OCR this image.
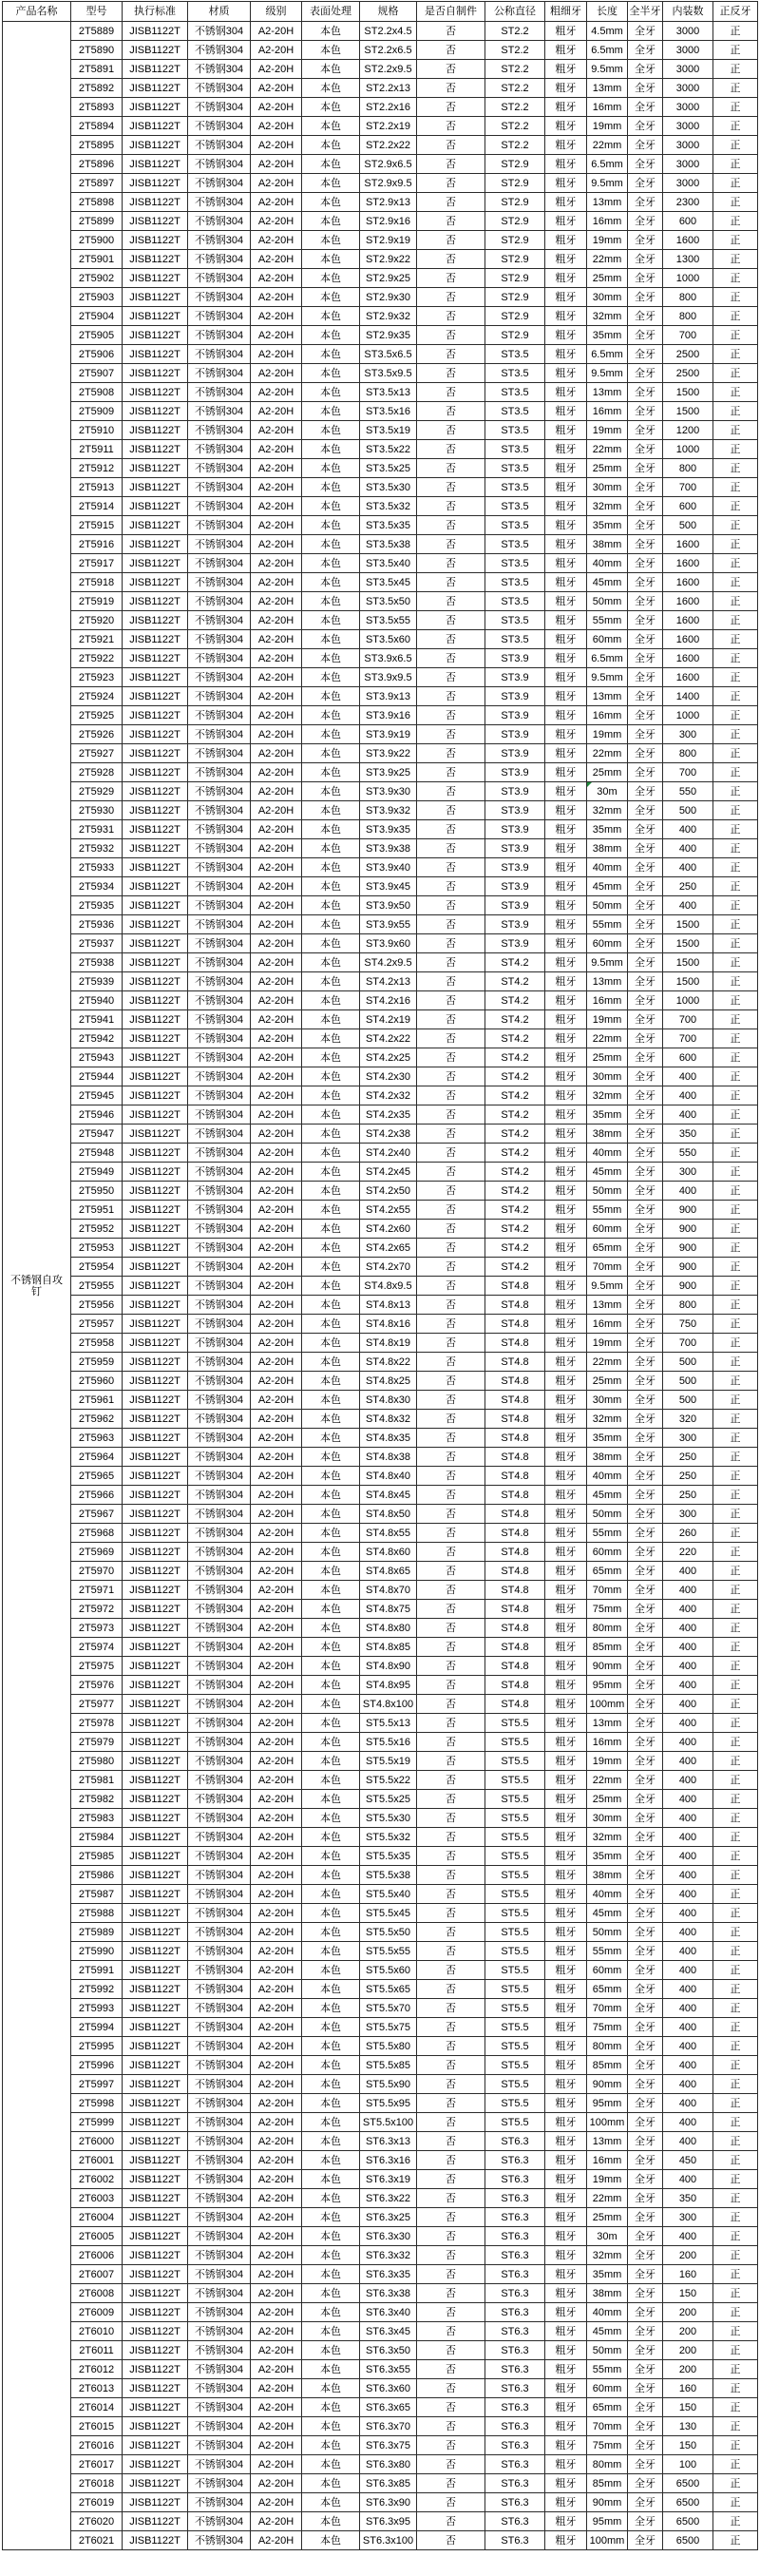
产品名称	型号	执行标准	材质	级别	表面处理	规格	是否自制件	公称直径	粗细牙	长度	全半牙	内装数	正反牙
不锈钢自攻钉
2T5889	JISB1122T	不锈钢304	A2-20H	本色	ST2.2x4.5	否	ST2.2	粗牙	4.5mm	全牙	3000	正
2T5890	JISB1122T	不锈钢304	A2-20H	本色	ST2.2x6.5	否	ST2.2	粗牙	6.5mm	全牙	3000	正
2T5891	JISB1122T	不锈钢304	A2-20H	本色	ST2.2x9.5	否	ST2.2	粗牙	9.5mm	全牙	3000	正
2T5892	JISB1122T	不锈钢304	A2-20H	本色	ST2.2x13	否	ST2.2	粗牙	13mm	全牙	3000	正
2T5893	JISB1122T	不锈钢304	A2-20H	本色	ST2.2x16	否	ST2.2	粗牙	16mm	全牙	3000	正
2T5894	JISB1122T	不锈钢304	A2-20H	本色	ST2.2x19	否	ST2.2	粗牙	19mm	全牙	3000	正
2T5895	JISB1122T	不锈钢304	A2-20H	本色	ST2.2x22	否	ST2.2	粗牙	22mm	全牙	3000	正
2T5896	JISB1122T	不锈钢304	A2-20H	本色	ST2.9x6.5	否	ST2.9	粗牙	6.5mm	全牙	3000	正
2T5897	JISB1122T	不锈钢304	A2-20H	本色	ST2.9x9.5	否	ST2.9	粗牙	9.5mm	全牙	3000	正
2T5898	JISB1122T	不锈钢304	A2-20H	本色	ST2.9x13	否	ST2.9	粗牙	13mm	全牙	2300	正
2T5899	JISB1122T	不锈钢304	A2-20H	本色	ST2.9x16	否	ST2.9	粗牙	16mm	全牙	600	正
2T5900	JISB1122T	不锈钢304	A2-20H	本色	ST2.9x19	否	ST2.9	粗牙	19mm	全牙	1600	正
2T5901	JISB1122T	不锈钢304	A2-20H	本色	ST2.9x22	否	ST2.9	粗牙	22mm	全牙	1300	正
2T5902	JISB1122T	不锈钢304	A2-20H	本色	ST2.9x25	否	ST2.9	粗牙	25mm	全牙	1000	正
2T5903	JISB1122T	不锈钢304	A2-20H	本色	ST2.9x30	否	ST2.9	粗牙	30mm	全牙	800	正
2T5904	JISB1122T	不锈钢304	A2-20H	本色	ST2.9x32	否	ST2.9	粗牙	32mm	全牙	800	正
2T5905	JISB1122T	不锈钢304	A2-20H	本色	ST2.9x35	否	ST2.9	粗牙	35mm	全牙	700	正
2T5906	JISB1122T	不锈钢304	A2-20H	本色	ST3.5x6.5	否	ST3.5	粗牙	6.5mm	全牙	2500	正
2T5907	JISB1122T	不锈钢304	A2-20H	本色	ST3.5x9.5	否	ST3.5	粗牙	9.5mm	全牙	2500	正
2T5908	JISB1122T	不锈钢304	A2-20H	本色	ST3.5x13	否	ST3.5	粗牙	13mm	全牙	1500	正
2T5909	JISB1122T	不锈钢304	A2-20H	本色	ST3.5x16	否	ST3.5	粗牙	16mm	全牙	1500	正
2T5910	JISB1122T	不锈钢304	A2-20H	本色	ST3.5x19	否	ST3.5	粗牙	19mm	全牙	1200	正
2T5911	JISB1122T	不锈钢304	A2-20H	本色	ST3.5x22	否	ST3.5	粗牙	22mm	全牙	1000	正
2T5912	JISB1122T	不锈钢304	A2-20H	本色	ST3.5x25	否	ST3.5	粗牙	25mm	全牙	800	正
2T5913	JISB1122T	不锈钢304	A2-20H	本色	ST3.5x30	否	ST3.5	粗牙	30mm	全牙	700	正
2T5914	JISB1122T	不锈钢304	A2-20H	本色	ST3.5x32	否	ST3.5	粗牙	32mm	全牙	600	正
2T5915	JISB1122T	不锈钢304	A2-20H	本色	ST3.5x35	否	ST3.5	粗牙	35mm	全牙	500	正
2T5916	JISB1122T	不锈钢304	A2-20H	本色	ST3.5x38	否	ST3.5	粗牙	38mm	全牙	1600	正
2T5917	JISB1122T	不锈钢304	A2-20H	本色	ST3.5x40	否	ST3.5	粗牙	40mm	全牙	1600	正
2T5918	JISB1122T	不锈钢304	A2-20H	本色	ST3.5x45	否	ST3.5	粗牙	45mm	全牙	1600	正
2T5919	JISB1122T	不锈钢304	A2-20H	本色	ST3.5x50	否	ST3.5	粗牙	50mm	全牙	1600	正
2T5920	JISB1122T	不锈钢304	A2-20H	本色	ST3.5x55	否	ST3.5	粗牙	55mm	全牙	1600	正
2T5921	JISB1122T	不锈钢304	A2-20H	本色	ST3.5x60	否	ST3.5	粗牙	60mm	全牙	1600	正
2T5922	JISB1122T	不锈钢304	A2-20H	本色	ST3.9x6.5	否	ST3.9	粗牙	6.5mm	全牙	1600	正
2T5923	JISB1122T	不锈钢304	A2-20H	本色	ST3.9x9.5	否	ST3.9	粗牙	9.5mm	全牙	1600	正
2T5924	JISB1122T	不锈钢304	A2-20H	本色	ST3.9x13	否	ST3.9	粗牙	13mm	全牙	1400	正
2T5925	JISB1122T	不锈钢304	A2-20H	本色	ST3.9x16	否	ST3.9	粗牙	16mm	全牙	1000	正
2T5926	JISB1122T	不锈钢304	A2-20H	本色	ST3.9x19	否	ST3.9	粗牙	19mm	全牙	300	正
2T5927	JISB1122T	不锈钢304	A2-20H	本色	ST3.9x22	否	ST3.9	粗牙	22mm	全牙	800	正
2T5928	JISB1122T	不锈钢304	A2-20H	本色	ST3.9x25	否	ST3.9	粗牙	25mm	全牙	700	正
2T5929	JISB1122T	不锈钢304	A2-20H	本色	ST3.9x30	否	ST3.9	粗牙	30m	全牙	550	正
2T5930	JISB1122T	不锈钢304	A2-20H	本色	ST3.9x32	否	ST3.9	粗牙	32mm	全牙	500	正
2T5931	JISB1122T	不锈钢304	A2-20H	本色	ST3.9x35	否	ST3.9	粗牙	35mm	全牙	400	正
2T5932	JISB1122T	不锈钢304	A2-20H	本色	ST3.9x38	否	ST3.9	粗牙	38mm	全牙	400	正
2T5933	JISB1122T	不锈钢304	A2-20H	本色	ST3.9x40	否	ST3.9	粗牙	40mm	全牙	400	正
2T5934	JISB1122T	不锈钢304	A2-20H	本色	ST3.9x45	否	ST3.9	粗牙	45mm	全牙	250	正
2T5935	JISB1122T	不锈钢304	A2-20H	本色	ST3.9x50	否	ST3.9	粗牙	50mm	全牙	400	正
2T5936	JISB1122T	不锈钢304	A2-20H	本色	ST3.9x55	否	ST3.9	粗牙	55mm	全牙	1500	正
2T5937	JISB1122T	不锈钢304	A2-20H	本色	ST3.9x60	否	ST3.9	粗牙	60mm	全牙	1500	正
2T5938	JISB1122T	不锈钢304	A2-20H	本色	ST4.2x9.5	否	ST4.2	粗牙	9.5mm	全牙	1500	正
2T5939	JISB1122T	不锈钢304	A2-20H	本色	ST4.2x13	否	ST4.2	粗牙	13mm	全牙	1500	正
2T5940	JISB1122T	不锈钢304	A2-20H	本色	ST4.2x16	否	ST4.2	粗牙	16mm	全牙	1000	正
2T5941	JISB1122T	不锈钢304	A2-20H	本色	ST4.2x19	否	ST4.2	粗牙	19mm	全牙	700	正
2T5942	JISB1122T	不锈钢304	A2-20H	本色	ST4.2x22	否	ST4.2	粗牙	22mm	全牙	700	正
2T5943	JISB1122T	不锈钢304	A2-20H	本色	ST4.2x25	否	ST4.2	粗牙	25mm	全牙	600	正
2T5944	JISB1122T	不锈钢304	A2-20H	本色	ST4.2x30	否	ST4.2	粗牙	30mm	全牙	400	正
2T5945	JISB1122T	不锈钢304	A2-20H	本色	ST4.2x32	否	ST4.2	粗牙	32mm	全牙	400	正
2T5946	JISB1122T	不锈钢304	A2-20H	本色	ST4.2x35	否	ST4.2	粗牙	35mm	全牙	400	正
2T5947	JISB1122T	不锈钢304	A2-20H	本色	ST4.2x38	否	ST4.2	粗牙	38mm	全牙	350	正
2T5948	JISB1122T	不锈钢304	A2-20H	本色	ST4.2x40	否	ST4.2	粗牙	40mm	全牙	550	正
2T5949	JISB1122T	不锈钢304	A2-20H	本色	ST4.2x45	否	ST4.2	粗牙	45mm	全牙	300	正
2T5950	JISB1122T	不锈钢304	A2-20H	本色	ST4.2x50	否	ST4.2	粗牙	50mm	全牙	400	正
2T5951	JISB1122T	不锈钢304	A2-20H	本色	ST4.2x55	否	ST4.2	粗牙	55mm	全牙	900	正
2T5952	JISB1122T	不锈钢304	A2-20H	本色	ST4.2x60	否	ST4.2	粗牙	60mm	全牙	900	正
2T5953	JISB1122T	不锈钢304	A2-20H	本色	ST4.2x65	否	ST4.2	粗牙	65mm	全牙	900	正
2T5954	JISB1122T	不锈钢304	A2-20H	本色	ST4.2x70	否	ST4.2	粗牙	70mm	全牙	900	正
2T5955	JISB1122T	不锈钢304	A2-20H	本色	ST4.8x9.5	否	ST4.8	粗牙	9.5mm	全牙	900	正
2T5956	JISB1122T	不锈钢304	A2-20H	本色	ST4.8x13	否	ST4.8	粗牙	13mm	全牙	800	正
2T5957	JISB1122T	不锈钢304	A2-20H	本色	ST4.8x16	否	ST4.8	粗牙	16mm	全牙	750	正
2T5958	JISB1122T	不锈钢304	A2-20H	本色	ST4.8x19	否	ST4.8	粗牙	19mm	全牙	700	正
2T5959	JISB1122T	不锈钢304	A2-20H	本色	ST4.8x22	否	ST4.8	粗牙	22mm	全牙	500	正
2T5960	JISB1122T	不锈钢304	A2-20H	本色	ST4.8x25	否	ST4.8	粗牙	25mm	全牙	500	正
2T5961	JISB1122T	不锈钢304	A2-20H	本色	ST4.8x30	否	ST4.8	粗牙	30mm	全牙	500	正
2T5962	JISB1122T	不锈钢304	A2-20H	本色	ST4.8x32	否	ST4.8	粗牙	32mm	全牙	320	正
2T5963	JISB1122T	不锈钢304	A2-20H	本色	ST4.8x35	否	ST4.8	粗牙	35mm	全牙	300	正
2T5964	JISB1122T	不锈钢304	A2-20H	本色	ST4.8x38	否	ST4.8	粗牙	38mm	全牙	250	正
2T5965	JISB1122T	不锈钢304	A2-20H	本色	ST4.8x40	否	ST4.8	粗牙	40mm	全牙	250	正
2T5966	JISB1122T	不锈钢304	A2-20H	本色	ST4.8x45	否	ST4.8	粗牙	45mm	全牙	250	正
2T5967	JISB1122T	不锈钢304	A2-20H	本色	ST4.8x50	否	ST4.8	粗牙	50mm	全牙	300	正
2T5968	JISB1122T	不锈钢304	A2-20H	本色	ST4.8x55	否	ST4.8	粗牙	55mm	全牙	260	正
2T5969	JISB1122T	不锈钢304	A2-20H	本色	ST4.8x60	否	ST4.8	粗牙	60mm	全牙	220	正
2T5970	JISB1122T	不锈钢304	A2-20H	本色	ST4.8x65	否	ST4.8	粗牙	65mm	全牙	400	正
2T5971	JISB1122T	不锈钢304	A2-20H	本色	ST4.8x70	否	ST4.8	粗牙	70mm	全牙	400	正
2T5972	JISB1122T	不锈钢304	A2-20H	本色	ST4.8x75	否	ST4.8	粗牙	75mm	全牙	400	正
2T5973	JISB1122T	不锈钢304	A2-20H	本色	ST4.8x80	否	ST4.8	粗牙	80mm	全牙	400	正
2T5974	JISB1122T	不锈钢304	A2-20H	本色	ST4.8x85	否	ST4.8	粗牙	85mm	全牙	400	正
2T5975	JISB1122T	不锈钢304	A2-20H	本色	ST4.8x90	否	ST4.8	粗牙	90mm	全牙	400	正
2T5976	JISB1122T	不锈钢304	A2-20H	本色	ST4.8x95	否	ST4.8	粗牙	95mm	全牙	400	正
2T5977	JISB1122T	不锈钢304	A2-20H	本色	ST4.8x100	否	ST4.8	粗牙	100mm 全牙	400	正
2T5978	JISB1122T	不锈钢304	A2-20H	本色	ST5.5x13	否	ST5.5	粗牙	13mm	全牙	400	正
2T5979	JISB1122T	不锈钢304	A2-20H	本色	ST5.5x16	否	ST5.5	粗牙	16mm	全牙	400	正
2T5980	JISB1122T	不锈钢304	A2-20H	本色	ST5.5x19	否	ST5.5	粗牙	19mm	全牙	400	正
2T5981	JISB1122T	不锈钢304	A2-20H	本色	ST5.5x22	否	ST5.5	粗牙	22mm	全牙	400	正
2T5982	JISB1122T	不锈钢304	A2-20H	本色	ST5.5x25	否	ST5.5	粗牙	25mm	全牙	400	正
2T5983	JISB1122T	不锈钢304	A2-20H	本色	ST5.5x30	否	ST5.5	粗牙	30mm	全牙	400	正
2T5984	JISB1122T	不锈钢304	A2-20H	本色	ST5.5x32	否	ST5.5	粗牙	32mm	全牙	400	正
2T5985	JISB1122T	不锈钢304	A2-20H	本色	ST5.5x35	否	ST5.5	粗牙	35mm	全牙	400	正
2T5986	JISB1122T	不锈钢304	A2-20H	本色	ST5.5x38	否	ST5.5	粗牙	38mm	全牙	400	正
2T5987	JISB1122T	不锈钢304	A2-20H	本色	ST5.5x40	否	ST5.5	粗牙	40mm	全牙	400	正
2T5988	JISB1122T	不锈钢304	A2-20H	本色	ST5.5x45	否	ST5.5	粗牙	45mm	全牙	400	正
2T5989	JISB1122T	不锈钢304	A2-20H	本色	ST5.5x50	否	ST5.5	粗牙	50mm	全牙	400	正
2T5990	JISB1122T	不锈钢304	A2-20H	本色	ST5.5x55	否	ST5.5	粗牙	55mm	全牙	400	正
2T5991	JISB1122T	不锈钢304	A2-20H	本色	ST5.5x60	否	ST5.5	粗牙	60mm	全牙	400	正
2T5992	JISB1122T	不锈钢304	A2-20H	本色	ST5.5x65	否	ST5.5	粗牙	65mm	全牙	400	正
2T5993	JISB1122T	不锈钢304	A2-20H	本色	ST5.5x70	否	ST5.5	粗牙	70mm	全牙	400	正
2T5994	JISB1122T	不锈钢304	A2-20H	本色	ST5.5x75	否	ST5.5	粗牙	75mm	全牙	400	正
2T5995	JISB1122T	不锈钢304	A2-20H	本色	ST5.5x80	否	ST5.5	粗牙	80mm	全牙	400	正
2T5996	JISB1122T	不锈钢304	A2-20H	本色	ST5.5x85	否	ST5.5	粗牙	85mm	全牙	400	正
2T5997	JISB1122T	不锈钢304	A2-20H	本色	ST5.5x90	否	ST5.5	粗牙	90mm	全牙	400	正
2T5998	JISB1122T	不锈钢304	A2-20H	本色	ST5.5x95	否	ST5.5	粗牙	95mm	全牙	400	正
2T5999	JISB1122T	不锈钢304	A2-20H	本色	ST5.5x100	否	ST5.5	粗牙	100mm 全牙	400	正
2T6000	JISB1122T	不锈钢304	A2-20H	本色	ST6.3x13	否	ST6.3	粗牙	13mm	全牙	400	正
2T6001	JISB1122T	不锈钢304	A2-20H	本色	ST6.3x16	否	ST6.3	粗牙	16mm	全牙	450	正
2T6002	JISB1122T	不锈钢304	A2-20H	本色	ST6.3x19	否	ST6.3	粗牙	19mm	全牙	400	正
2T6003	JISB1122T	不锈钢304	A2-20H	本色	ST6.3x22	否	ST6.3	粗牙	22mm	全牙	350	正
2T6004	JISB1122T	不锈钢304	A2-20H	本色	ST6.3x25	否	ST6.3	粗牙	25mm	全牙	300	正
2T6005	JISB1122T	不锈钢304	A2-20H	本色	ST6.3x30	否	ST6.3	粗牙	30m	全牙	400	正
2T6006	JISB1122T	不锈钢304	A2-20H	本色	ST6.3x32	否	ST6.3	粗牙	32mm	全牙	200	正
2T6007	JISB1122T	不锈钢304	A2-20H	本色	ST6.3x35	否	ST6.3	粗牙	35mm	全牙	160	正
2T6008	JISB1122T	不锈钢304	A2-20H	本色	ST6.3x38	否	ST6.3	粗牙	38mm	全牙	150	正
2T6009	JISB1122T	不锈钢304	A2-20H	本色	ST6.3x40	否	ST6.3	粗牙	40mm	全牙	200	正
2T6010	JISB1122T	不锈钢304	A2-20H	本色	ST6.3x45	否	ST6.3	粗牙	45mm	全牙	200	正
2T6011	JISB1122T	不锈钢304	A2-20H	本色	ST6.3x50	否	ST6.3	粗牙	50mm	全牙	200	正
2T6012	JISB1122T	不锈钢304	A2-20H	本色	ST6.3x55	否	ST6.3	粗牙	55mm	全牙	200	正
2T6013	JISB1122T	不锈钢304	A2-20H	本色	ST6.3x60	否	ST6.3	粗牙	60mm	全牙	160	正
2T6014	JISB1122T	不锈钢304	A2-20H	本色	ST6.3x65	否	ST6.3	粗牙	65mm	全牙	150	正
2T6015	JISB1122T	不锈钢304	A2-20H	本色	ST6.3x70	否	ST6.3	粗牙	70mm	全牙	130	正
2T6016	JISB1122T	不锈钢304	A2-20H	本色	ST6.3x75	否	ST6.3	粗牙	75mm	全牙	150	正
2T6017	JISB1122T	不锈钢304	A2-20H	本色	ST6.3x80	否	ST6.3	粗牙	80mm	全牙	100	正
2T6018	JISB1122T	不锈钢304	A2-20H	本色	ST6.3x85	否	ST6.3	粗牙	85mm	全牙	6500	正
2T6019	JISB1122T	不锈钢304	A2-20H	本色	ST6.3x90	否	ST6.3	粗牙	90mm	全牙	6500	正
2T6020	JISB1122T	不锈钢304	A2-20H	本色	ST6.3x95	否	ST6.3	粗牙	95mm	全牙	6500	正
2T6021	JISB1122T	不锈钢304	A2-20H	本色	ST6.3x100	否	ST6.3	粗牙	100mm 全牙	6500	正
